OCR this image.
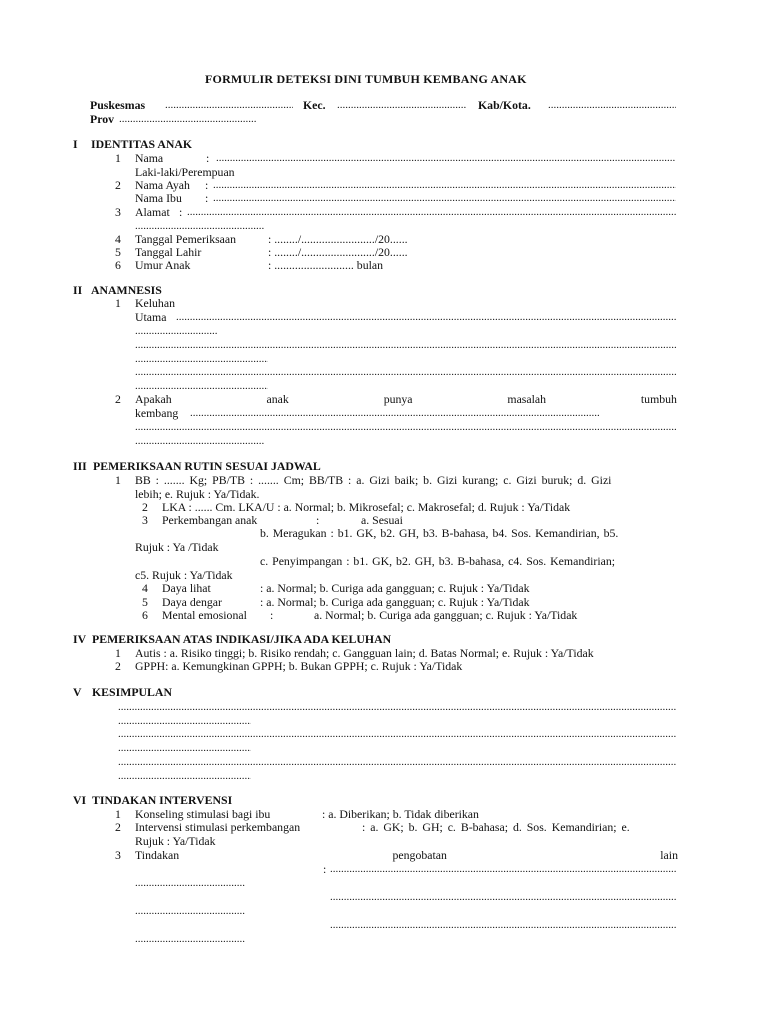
FORMULIR DETEKSI DINI TUMBUH KEMBANG ANAK
Puskesmas .....	Kec. .....	Kab/Kota.
.....
Prov
.....
I IDENTITAS ANAK
1 Nama	:
.....
Laki-laki/Perempuan
2 Nama Ayah :
.....
Nama Ibu :
.....
3 Alamat :
.....
.....
4 Tanggal Pemeriksaan	: ......../........................./20......
5 Tanggal Lahir	: ......../........................./20......
6 Umur Anak	: ........................... bulan
II ANAMNESIS
1 Keluhan
Utama
.....
.....
.....
.....
.....
.....
2 Apakah	anak	punya	masalah	tumbuh
kembang
.....
.....
.....
III PEMERIKSAAN RUTIN SESUAI JADWAL
1 BB : ....... Kg; PB/TB : ....... Cm; BB/TB : a. Gizi baik; b. Gizi kurang; c. Gizi buruk; d. Gizi
lebih; e. Rujuk : Ya/Tidak.
2 LKA : ...... Cm. LKA/U : a. Normal; b. Mikrosefal; c. Makrosefal; d. Rujuk : Ya/Tidak
3 Perkembangan anak	:	a. Sesuai
b. Meragukan : b1. GK, b2. GH, b3. B-bahasa, b4. Sos. Kemandirian, b5.
Rujuk : Ya /Tidak
c. Penyimpangan : b1. GK, b2. GH, b3. B-bahasa, c4. Sos. Kemandirian;
c5. Rujuk : Ya/Tidak
4 Daya lihat	: a. Normal; b. Curiga ada gangguan; c. Rujuk : Ya/Tidak
5 Daya dengar	: a. Normal; b. Curiga ada gangguan; c. Rujuk : Ya/Tidak
6 Mental emosional :	a. Normal; b. Curiga ada gangguan; c. Rujuk : Ya/Tidak
IV PEMERIKSAAN ATAS INDIKASI/JIKA ADA KELUHAN
1 Autis : a. Risiko tinggi; b. Risiko rendah; c. Gangguan lain; d. Batas Normal; e. Rujuk : Ya/Tidak
2 GPPH: a. Kemungkinan GPPH; b. Bukan GPPH; c. Rujuk : Ya/Tidak
V KESIMPULAN
.....
.....
.....
.....
.....
.....
VI TINDAKAN INTERVENSI
1 Konseling stimulasi bagi ibu	: a. Diberikan; b. Tidak diberikan
2 Intervensi stimulasi perkembangan	: a. GK; b. GH; c. B-bahasa; d. Sos. Kemandirian; e.
Rujuk : Ya/Tidak
3 Tindakan	pengobatan	lain
:
.....
.....
.....
.....
.....
.....
